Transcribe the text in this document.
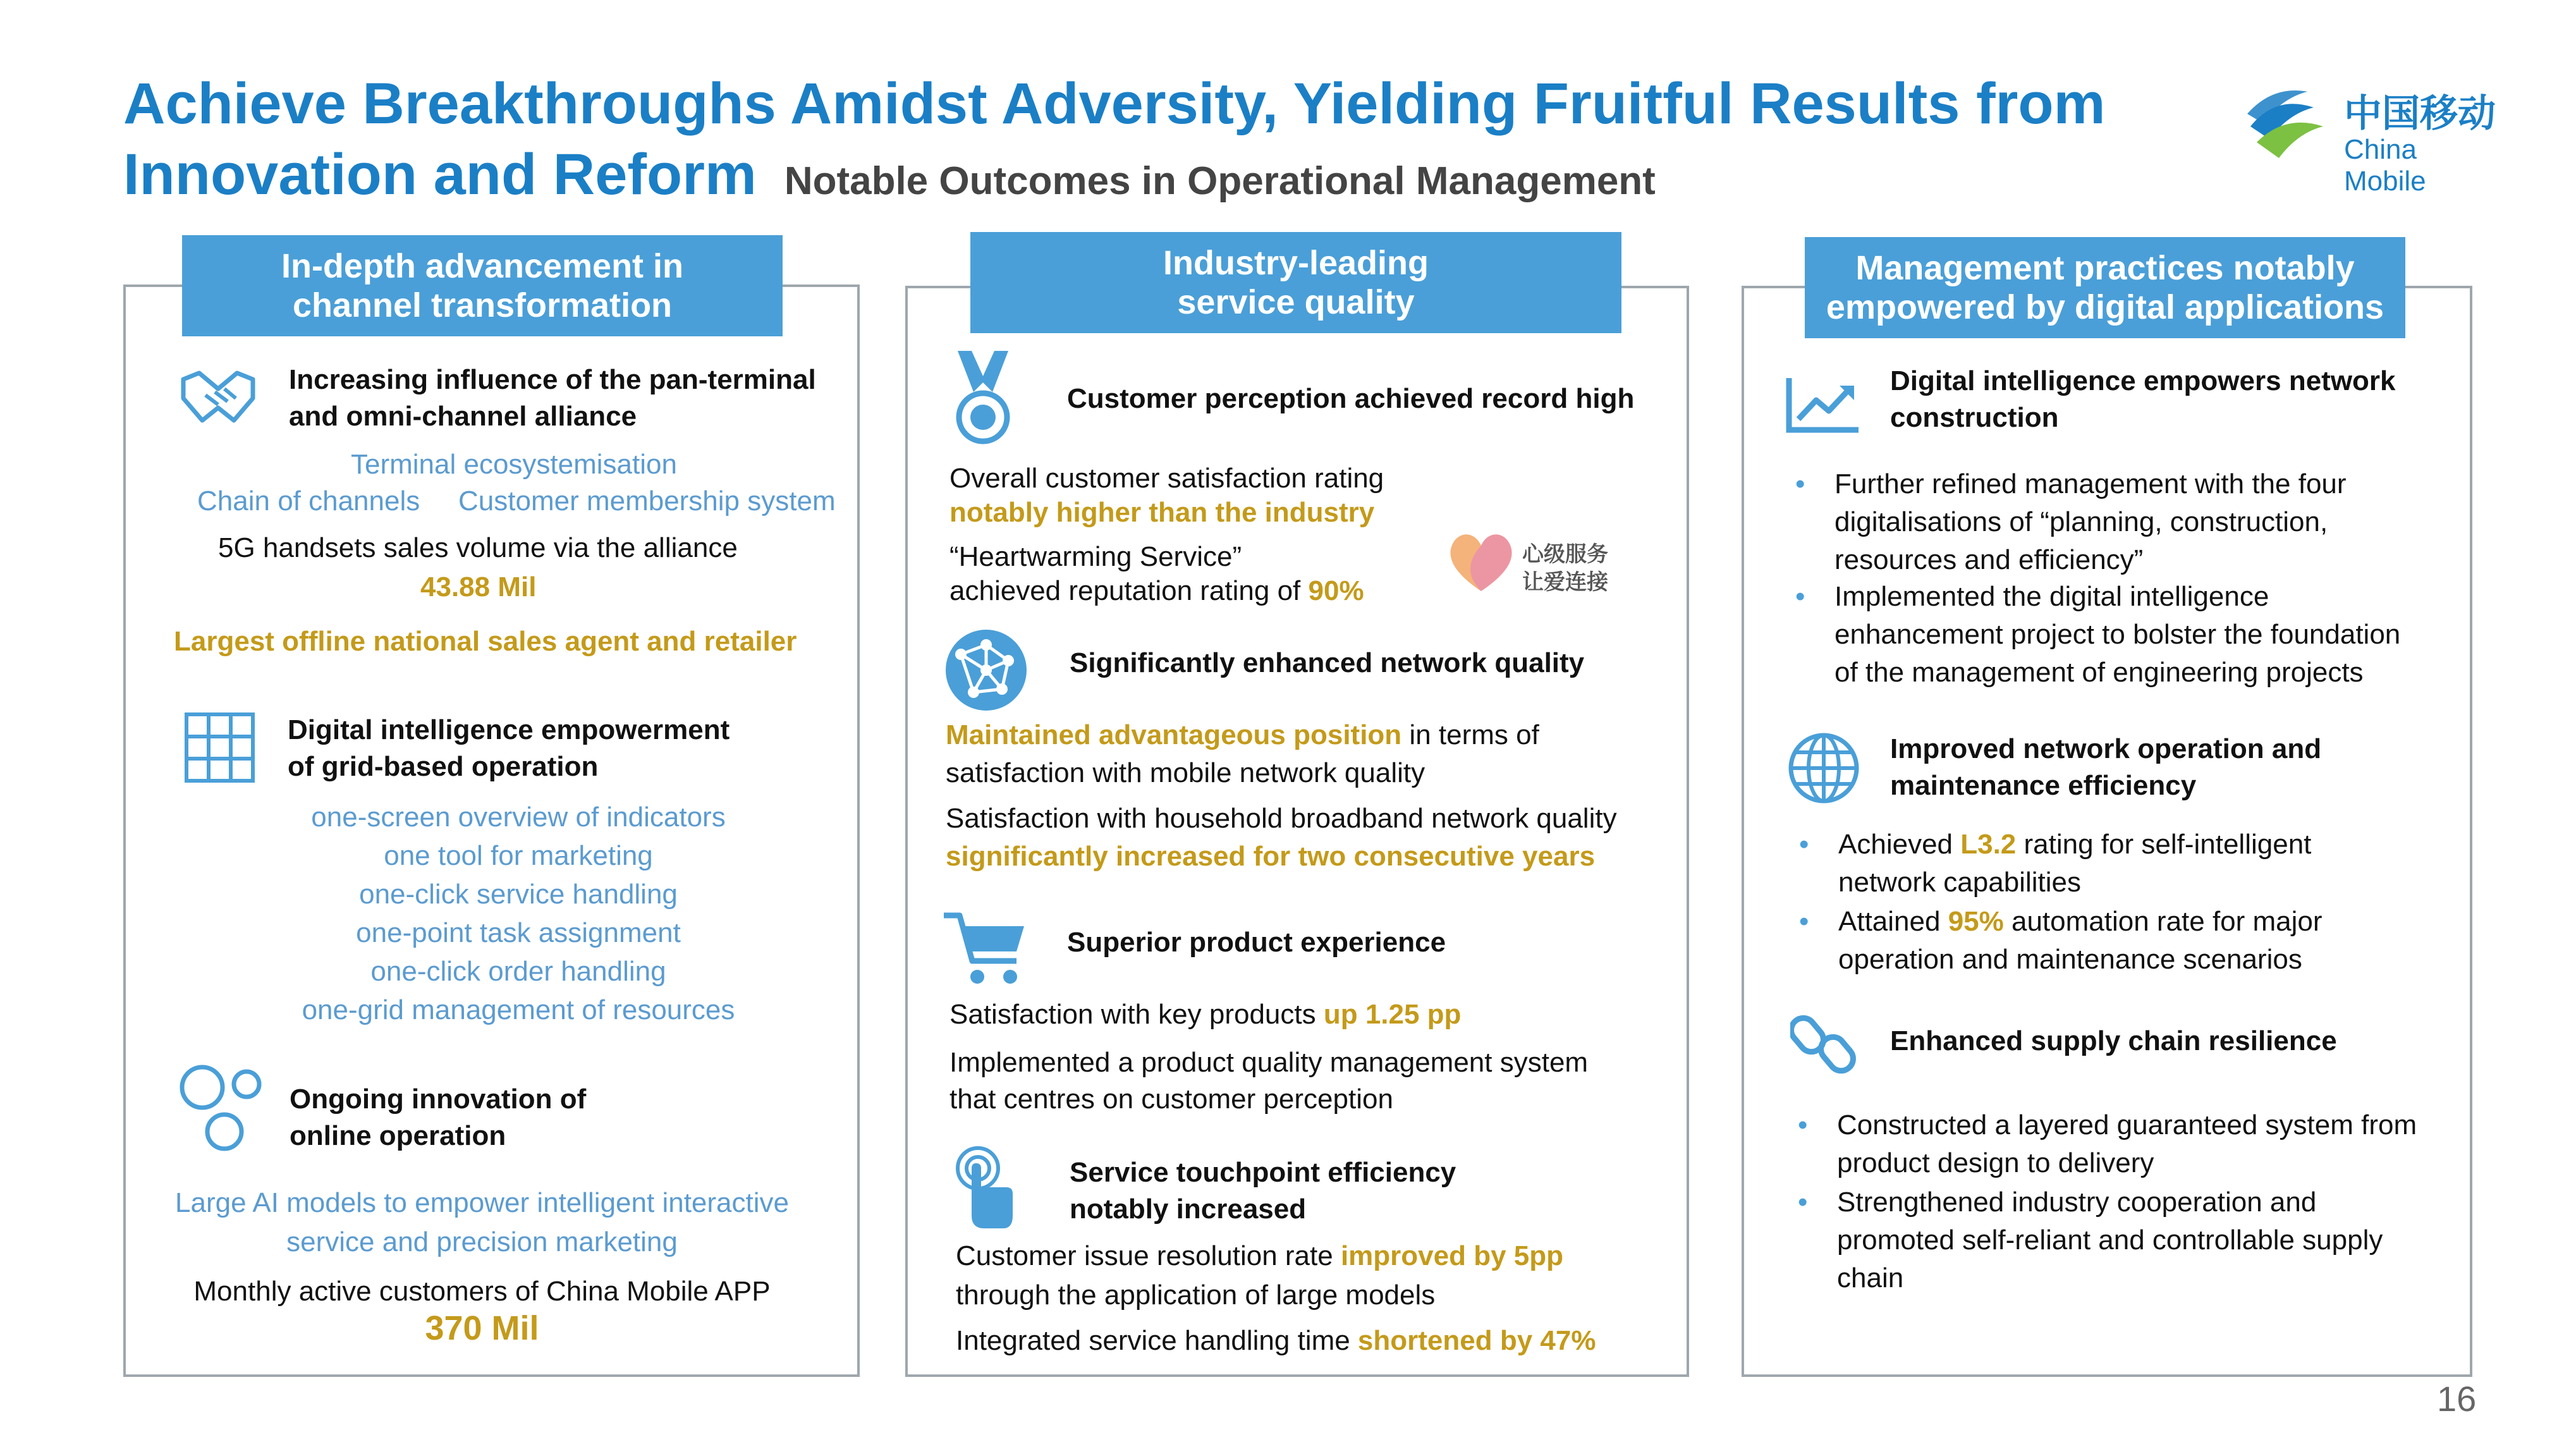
Achieve Breakthroughs Amidst Adversity, Yielding Fruitful Results from
Innovation and Reform Notable Outcomes in Operational Management
中国移动
China Mobile
In-depth advancement in
channel transformation
Increasing influence of the pan-terminal
and omni-channel alliance
Terminal ecosystemisation
Chain of channels Customer membership system
5G handsets sales volume via the alliance
43.88 Mil
Largest offline national sales agent and retailer
Digital intelligence empowerment
of grid-based operation
one-screen overview of indicators
one tool for marketing
one-click service handling
one-point task assignment
one-click order handling
one-grid management of resources
Ongoing innovation of
online operation
Large AI models to empower intelligent interactive
service and precision marketing
Monthly active customers of China Mobile APP
370 Mil
Industry-leading
service quality
Customer perception achieved record high
Overall customer satisfaction rating
notably higher than the industry
“Heartwarming Service”
achieved reputation rating of 90%
心级服务
让爱连接
Significantly enhanced network quality
Maintained advantageous position in terms of
satisfaction with mobile network quality
Satisfaction with household broadband network quality
significantly increased for two consecutive years
Superior product experience
Satisfaction with key products up 1.25 pp
Implemented a product quality management system
that centres on customer perception
Service touchpoint efficiency
notably increased
Customer issue resolution rate improved by 5pp
through the application of large models
Integrated service handling time shortened by 47%
Management practices notably
empowered by digital applications
Digital intelligence empowers network
construction
• Further refined management with the four
digitalisations of “planning, construction,
resources and efficiency”
• Implemented the digital intelligence
enhancement project to bolster the foundation
of the management of engineering projects
Improved network operation and
maintenance efficiency
• Achieved L3.2 rating for self-intelligent
network capabilities
• Attained 95% automation rate for major
operation and maintenance scenarios
Enhanced supply chain resilience
• Constructed a layered guaranteed system from
product design to delivery
• Strengthened industry cooperation and
promoted self-reliant and controllable supply
chain
16
